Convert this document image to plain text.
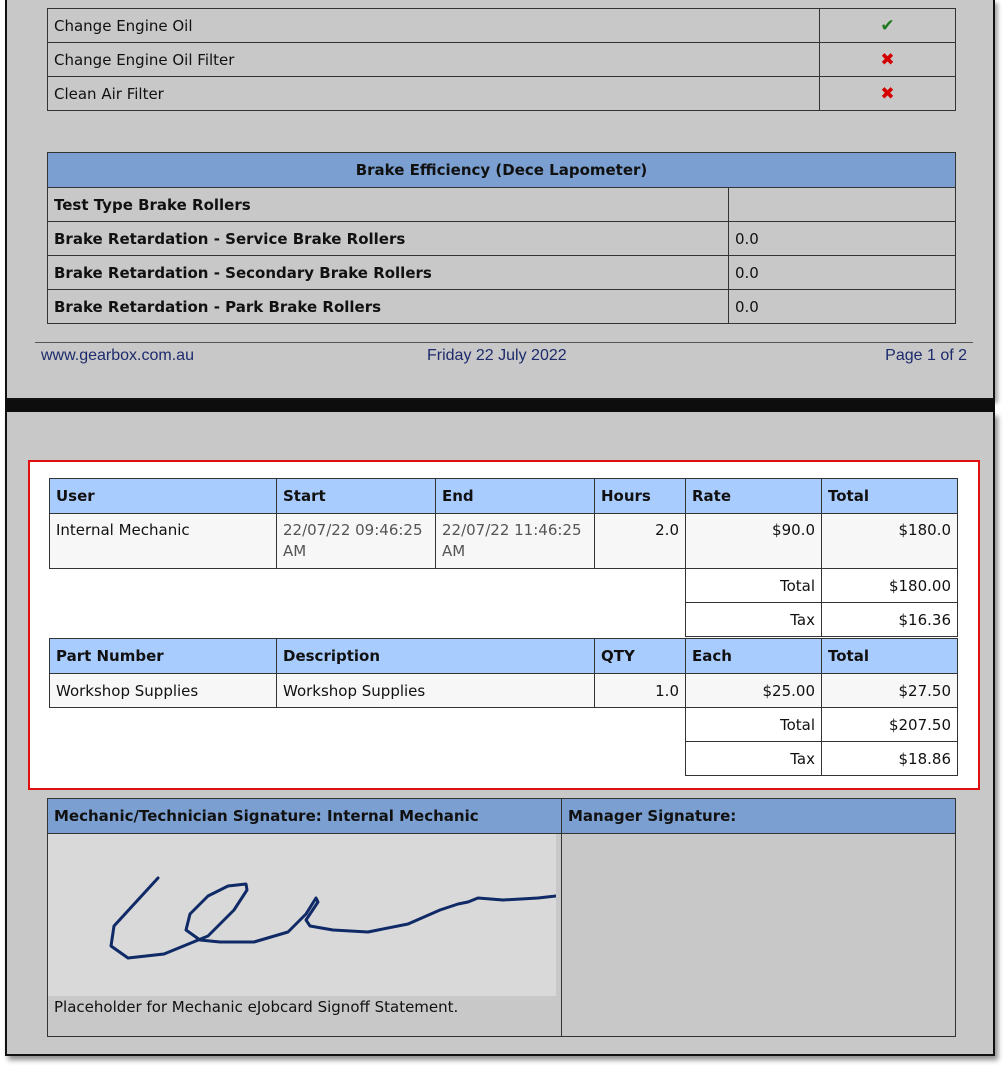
Change Engine Oil	✔
Change Engine Oil Filter	✖
Clean Air Filter	✖
Brake Efficiency (Dece Lapometer)	
Test Type Brake Rollers	
Brake Retardation - Service Brake Rollers	0.0
Brake Retardation - Secondary Brake Rollers	0.0
Brake Retardation - Park Brake Rollers	0.0
www.gearbox.com.au	Friday 22 July 2022	Page 1 of 2
User	Start	End	Hours	Rate	Total
Internal Mechanic	22/07/22 09:46:25 AM	22/07/22 11:46:25 AM	2.0	$90.0	$180.0
Total	$180.00
Tax	$16.36
Part Number	Description	QTY	Each	Total
Workshop Supplies	Workshop Supplies	1.0	$25.00	$27.50
Total	$207.50
Tax	$18.86
Mechanic/Technician Signature: Internal Mechanic	Manager Signature:

Placeholder for Mechanic eJobcard Signoff Statement.	
